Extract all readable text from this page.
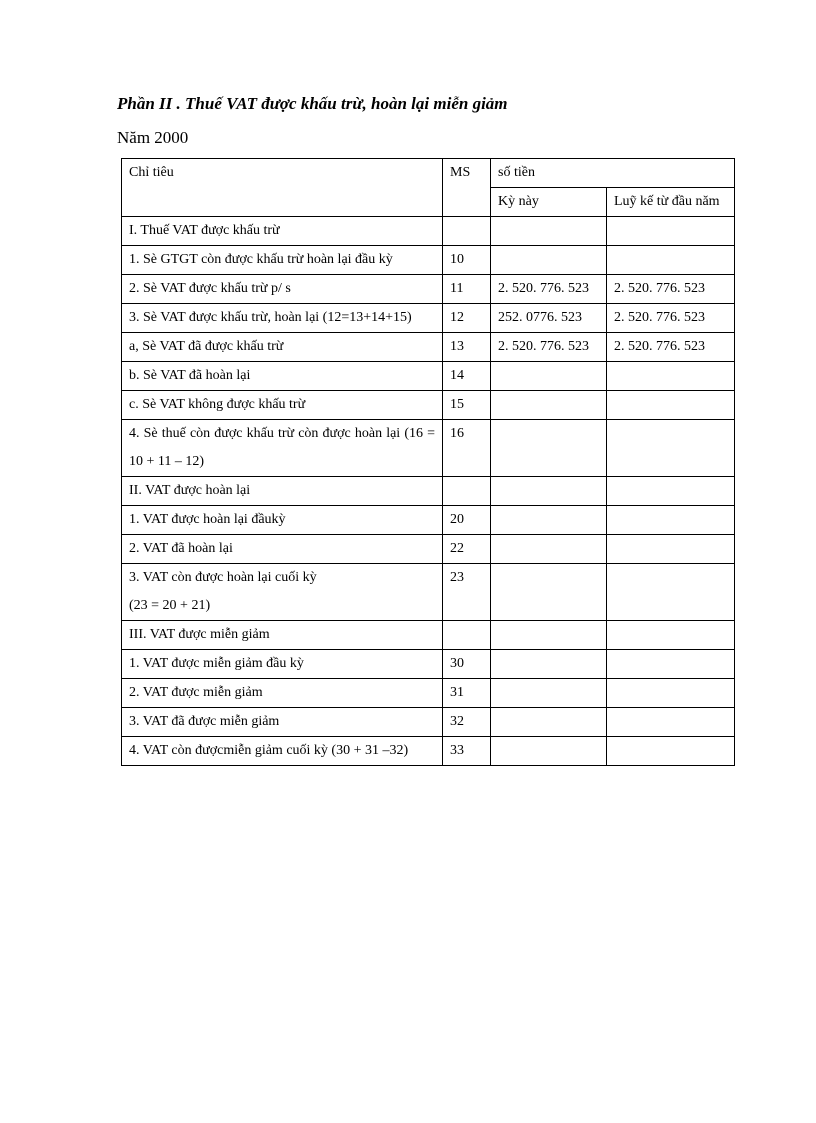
Phần II . Thuế VAT được khấu trừ, hoàn lại miễn giảm
Năm 2000
Chỉ tiêu	MS	số tiền	
		Kỳ này	Luỹ kế từ đầu năm
I. Thuế VAT được khấu trừ			
1. Sè GTGT còn được khấu trừ hoàn lại đầu kỳ	10		
2. Sè VAT được khấu trừ p/ s	11	2. 520. 776. 523	2. 520. 776. 523
3. Sè VAT được khấu trừ, hoàn lại (12=13+14+15)	12	252. 0776. 523	2. 520. 776. 523
a, Sè VAT đã được khấu trừ	13	2. 520. 776. 523	2. 520. 776. 523
b. Sè VAT đã hoàn lại	14		
c. Sè VAT không được khấu trừ	15		
4. Sè thuế còn được khấu trừ còn được hoàn lại (16 = 10 + 11 – 12)	16		
II. VAT được hoàn lại			
1. VAT được hoàn lại đầukỳ	20		
2. VAT đã hoàn lại	22		
3. VAT còn được hoàn lại cuối kỳ
(23 = 20 + 21)	23		
III. VAT được miễn giảm			
1. VAT được miễn giảm đầu kỳ	30		
2. VAT được miễn giảm	31		
3. VAT đã được miễn giảm	32		
4. VAT còn đượcmiễn giảm cuối kỳ (30 + 31 –32)	33		
